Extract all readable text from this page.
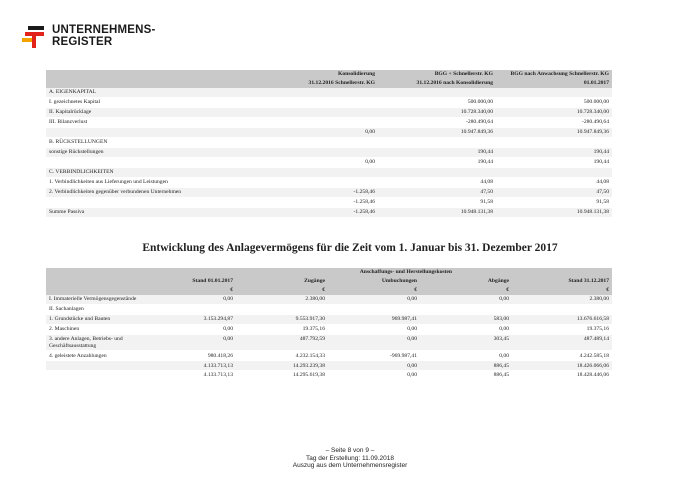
UNTERNEHMENS-
REGISTER
	Konsolidierung	BGG + Schnellerstr. KG	BGG nach Anwachsung Schnellerstr. KG
	31.12.2016 Schnellerstr. KG	31.12.2016 nach Konsolidierung	01.01.2017
A. EIGENKAPITAL			
I. gezeichnetes Kapital		500.000,00	500.000,00
II. Kapitalrücklage		10.728.340,00	10.728.340,00
III. Bilanzverlust		-280.490,64	-280.490,64
	0,00	10.947.849,36	10.947.849,36
B. RÜCKSTELLUNGEN			
sonstige Rückstellungen		190,44	190,44
	0,00	190,44	190,44
C. VERBINDLICHKEITEN			
1. Verbindlichkeiten aus Lieferungen und Leistungen		44,08	44,08
2. Verbindlichkeiten gegenüber verbundenen Unternehmen	-1.258,46	47,50	47,50
	-1.258,46	91,58	91,58
Summe Passiva	-1.258,46	10.948.131,38	10.948.131,38
Entwicklung des Anlagevermögens für die Zeit vom 1. Januar bis 31. Dezember 2017
	Anschaffungs- und Herstellungskosten				
	Stand 01.01.2017	Zugänge	Umbuchungen	Abgänge	Stand 31.12.2017
	€	€	€	€	€
I. Immaterielle Vermögensgegenstände	0,00	2.380,00	0,00	0,00	2.380,00
II. Sachanlagen					
1. Grundstücke und Bauten	3.153.294,87	9.553.917,30	969.987,41	583,00	13.676.616,58
2. Maschinen	0,00	19.375,16	0,00	0,00	19.375,16
3. andere Anlagen, Betriebs- und Geschäftsausstattung	0,00	487.792,59	0,00	303,45	487.489,14
4. geleistete Anzahlungen	980.418,26	4.232.154,33	-969.987,41	0,00	4.242.585,18
	4.133.713,13	14.293.239,38	0,00	886,45	18.426.066,06
	4.133.713,13	14.295.619,38	0,00	886,45	18.428.446,06
– Seite 8 von 9 –
Tag der Erstellung: 11.09.2018
Auszug aus dem Unternehmensregister
